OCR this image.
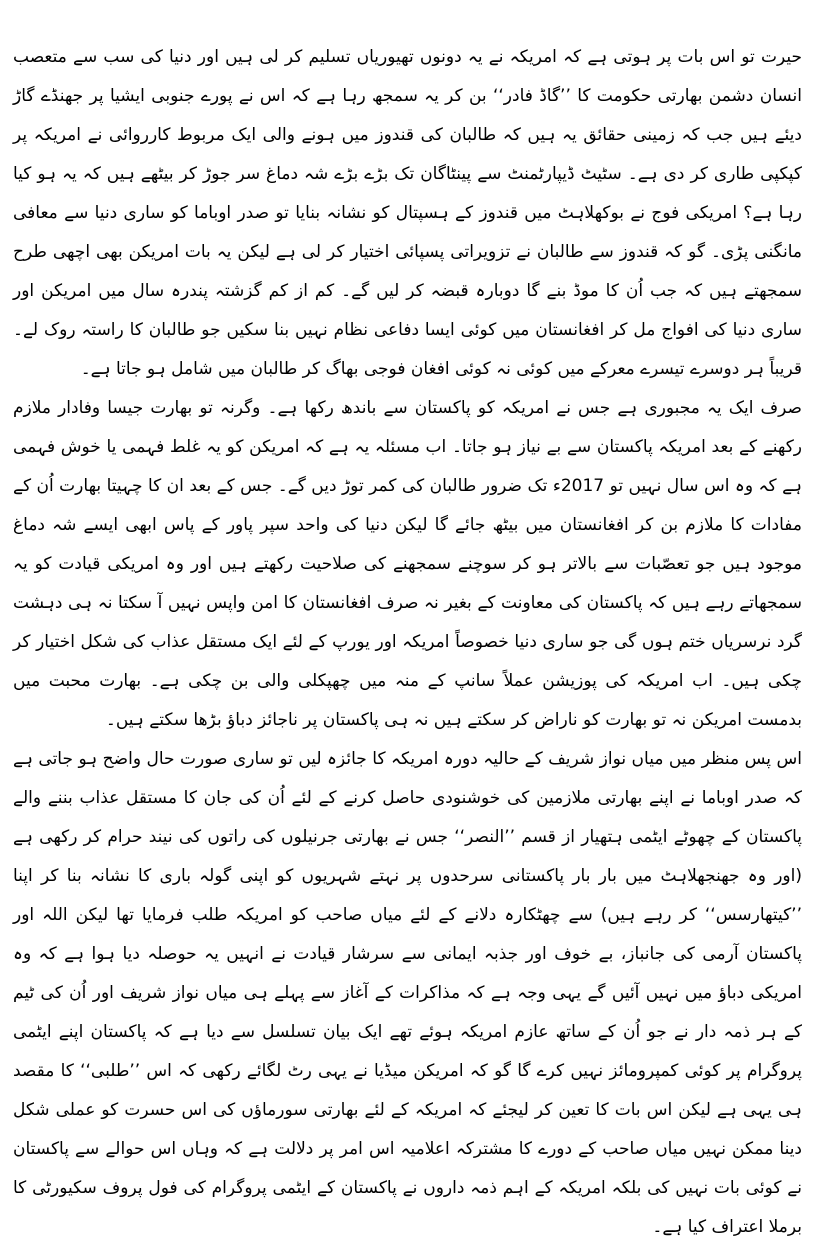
حیرت تو اس بات پر ہوتی ہے کہ امریکہ نے یہ دونوں تھیوریاں تسلیم کر لی ہیں اور دنیا کی سب سے متعصب انسان دشمن بھارتی حکومت کا ’’گاڈ فادر‘‘ بن کر یہ سمجھ رہا ہے کہ اس نے پورے جنوبی ایشیا پر جھنڈے گاڑ دیئے ہیں جب کہ زمینی حقائق یہ ہیں کہ طالبان کی قندوز میں ہونے والی ایک مربوط کارروائی نے امریکہ پر کپکپی طاری کر دی ہے۔ سٹیٹ ڈیپارٹمنٹ سے پینٹاگان تک بڑے بڑے شہ دماغ سر جوڑ کر بیٹھے ہیں کہ یہ ہو کیا رہا ہے؟ امریکی فوج نے بوکھلاہٹ میں قندوز کے ہسپتال کو نشانہ بنایا تو صدر اوباما کو ساری دنیا سے معافی مانگنی پڑی۔ گو کہ قندوز سے طالبان نے تزویراتی پسپائی اختیار کر لی ہے لیکن یہ بات امریکن بھی اچھی طرح سمجھتے ہیں کہ جب اُن کا موڈ بنے گا دوبارہ قبضہ کر لیں گے۔ کم از کم گزشتہ پندرہ سال میں امریکن اور ساری دنیا کی افواج مل کر افغانستان میں کوئی ایسا دفاعی نظام نہیں بنا سکیں جو طالبان کا راستہ روک لے۔ قریباً ہر دوسرے تیسرے معرکے میں کوئی نہ کوئی افغان فوجی بھاگ کر طالبان میں شامل ہو جاتا ہے۔

صرف ایک یہ مجبوری ہے جس نے امریکہ کو پاکستان سے باندھ رکھا ہے۔ وگرنہ تو بھارت جیسا وفادار ملازم رکھنے کے بعد امریکہ پاکستان سے بے نیاز ہو جاتا۔ اب مسئلہ یہ ہے کہ امریکن کو یہ غلط فہمی یا خوش فہمی ہے کہ وہ اس سال نہیں تو 2017ء تک ضرور طالبان کی کمر توڑ دیں گے۔ جس کے بعد ان کا چہیتا بھارت اُن کے مفادات کا ملازم بن کر افغانستان میں بیٹھ جائے گا لیکن دنیا کی واحد سپر پاور کے پاس ابھی ایسے شہ دماغ موجود ہیں جو تعصّبات سے بالاتر ہو کر سوچنے سمجھنے کی صلاحیت رکھتے ہیں اور وہ امریکی قیادت کو یہ سمجھاتے رہے ہیں کہ پاکستان کی معاونت کے بغیر نہ صرف افغانستان کا امن واپس نہیں آ سکتا نہ ہی دہشت گرد نرسریاں ختم ہوں گی جو ساری دنیا خصوصاً امریکہ اور یورپ کے لئے ایک مستقل عذاب کی شکل اختیار کر چکی ہیں۔ اب امریکہ کی پوزیشن عملاً سانپ کے منہ میں چھپکلی والی بن چکی ہے۔ بھارت محبت میں بدمست امریکن نہ تو بھارت کو ناراض کر سکتے ہیں نہ ہی پاکستان پر ناجائز دباؤ بڑھا سکتے ہیں۔

اس پس منظر میں میاں نواز شریف کے حالیہ دورہ امریکہ کا جائزہ لیں تو ساری صورت حال واضح ہو جاتی ہے کہ صدر اوباما نے اپنے بھارتی ملازمین کی خوشنودی حاصل کرنے کے لئے اُن کی جان کا مستقل عذاب بننے والے پاکستان کے چھوٹے ایٹمی ہتھیار از قسم ’’النصر‘‘ جس نے بھارتی جرنیلوں کی راتوں کی نیند حرام کر رکھی ہے (اور وہ جھنجھلاہٹ میں بار بار پاکستانی سرحدوں پر نہتے شہریوں کو اپنی گولہ باری کا نشانہ بنا کر اپنا ’’کیتھارسس‘‘ کر رہے ہیں) سے چھٹکارہ دلانے کے لئے میاں صاحب کو امریکہ طلب فرمایا تھا لیکن اللہ اور پاکستان آرمی کی جانباز، بے خوف اور جذبہ ایمانی سے سرشار قیادت نے انہیں یہ حوصلہ دیا ہوا ہے کہ وہ امریکی دباؤ میں نہیں آئیں گے یہی وجہ ہے کہ مذاکرات کے آغاز سے پہلے ہی میاں نواز شریف اور اُن کی ٹیم کے ہر ذمہ دار نے جو اُن کے ساتھ عازم امریکہ ہوئے تھے ایک بیان تسلسل سے دیا ہے کہ پاکستان اپنے ایٹمی پروگرام پر کوئی کمپرومائز نہیں کرے گا گو کہ امریکن میڈیا نے یہی رٹ لگائے رکھی کہ اس ’’طلبی‘‘ کا مقصد ہی یہی ہے لیکن اس بات کا تعین کر لیجئے کہ امریکہ کے لئے بھارتی سورماؤں کی اس حسرت کو عملی شکل دینا ممکن نہیں میاں صاحب کے دورے کا مشترکہ اعلامیہ اس امر پر دلالت ہے کہ وہاں اس حوالے سے پاکستان نے کوئی بات نہیں کی بلکہ امریکہ کے اہم ذمہ داروں نے پاکستان کے ایٹمی پروگرام کی فول پروف سکیورٹی کا برملا اعتراف کیا ہے۔
